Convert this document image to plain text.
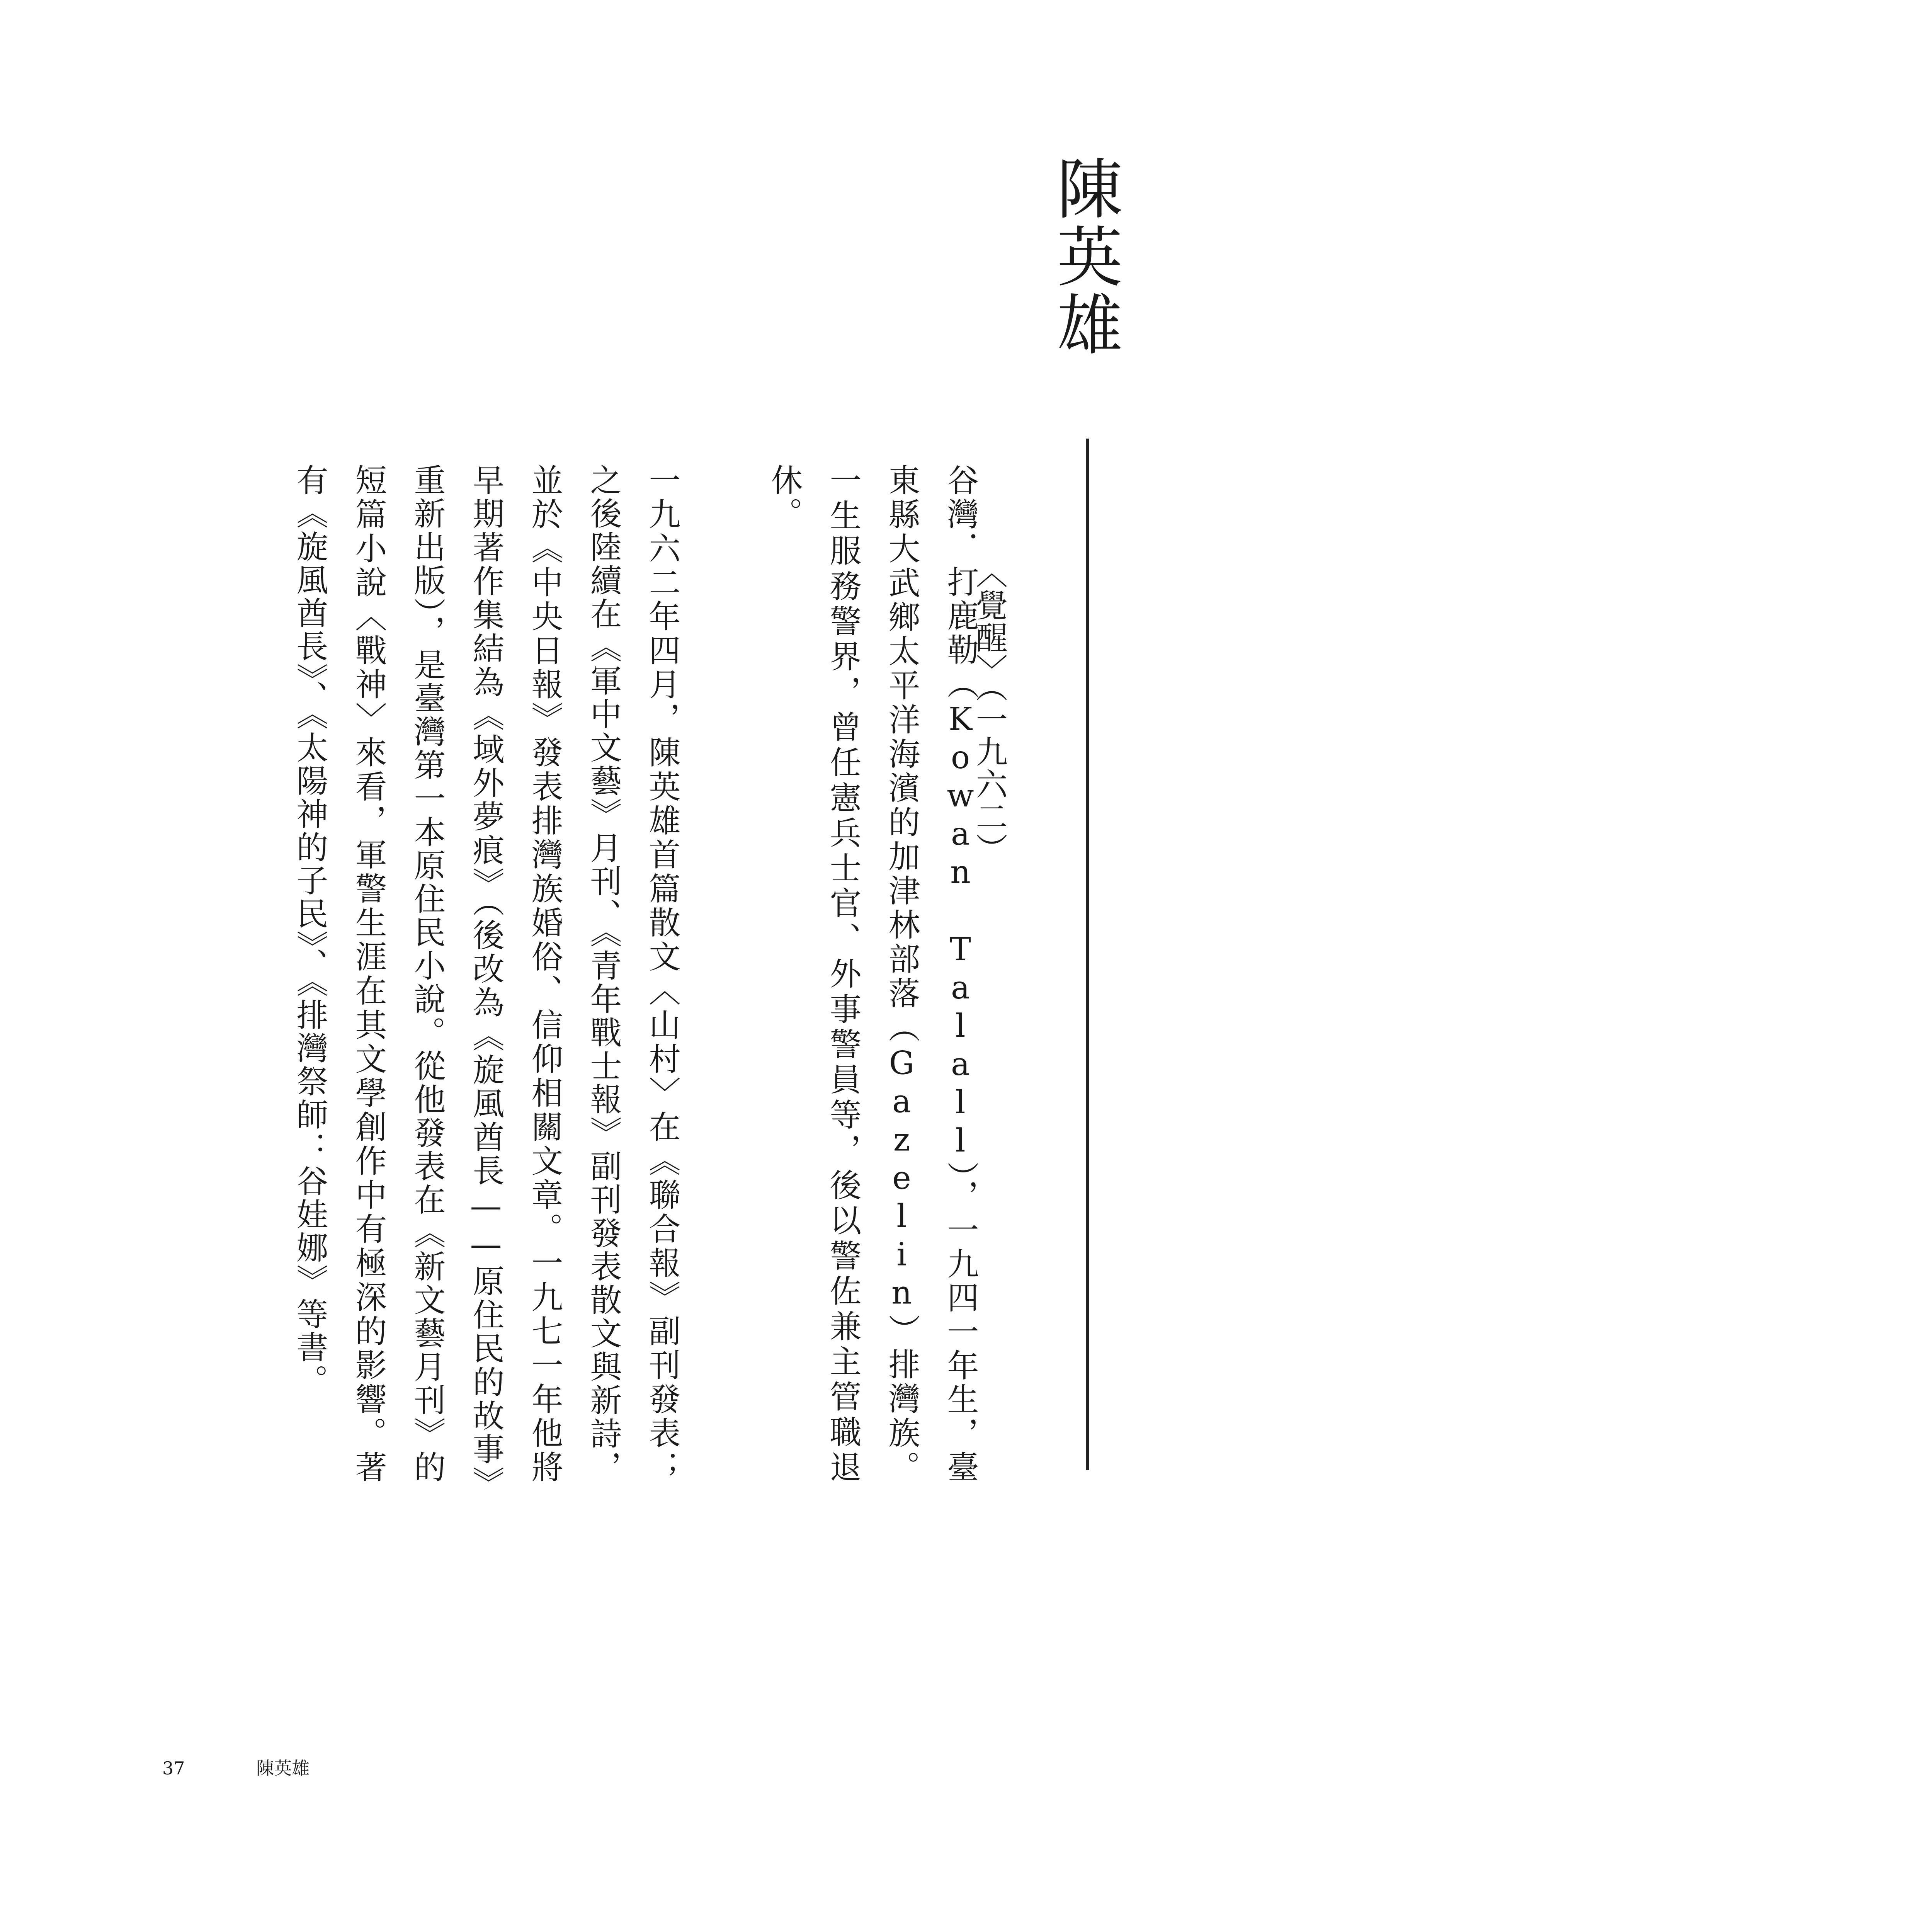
陳英雄
〈覺醒〉（一九六二）

谷灣．打鹿勒（Kowan Talall），一九四一年生，臺東縣大武鄉太平洋海濱的加津林部落（Gazelin）排灣族。一生服務警界，曾任憲兵士官、外事警員等，後以警佐兼主管職退休。

一九六二年四月，陳英雄首篇散文〈山村〉在《聯合報》副刊發表；之後陸續在《軍中文藝》月刊、《青年戰士報》副刊發表散文與新詩，並於《中央日報》發表排灣族婚俗、信仰相關文章。一九七一年他將早期著作集結為《域外夢痕》（後改為《旋風酋長——原住民的故事》重新出版），是臺灣第一本原住民小說。從他發表在《新文藝月刊》的短篇小說〈戰神〉來看，軍警生涯在其文學創作中有極深的影響。著有《旋風酋長》、《太陽神的子民》、《排灣祭師：谷娃娜》等書。

37	陳英雄
